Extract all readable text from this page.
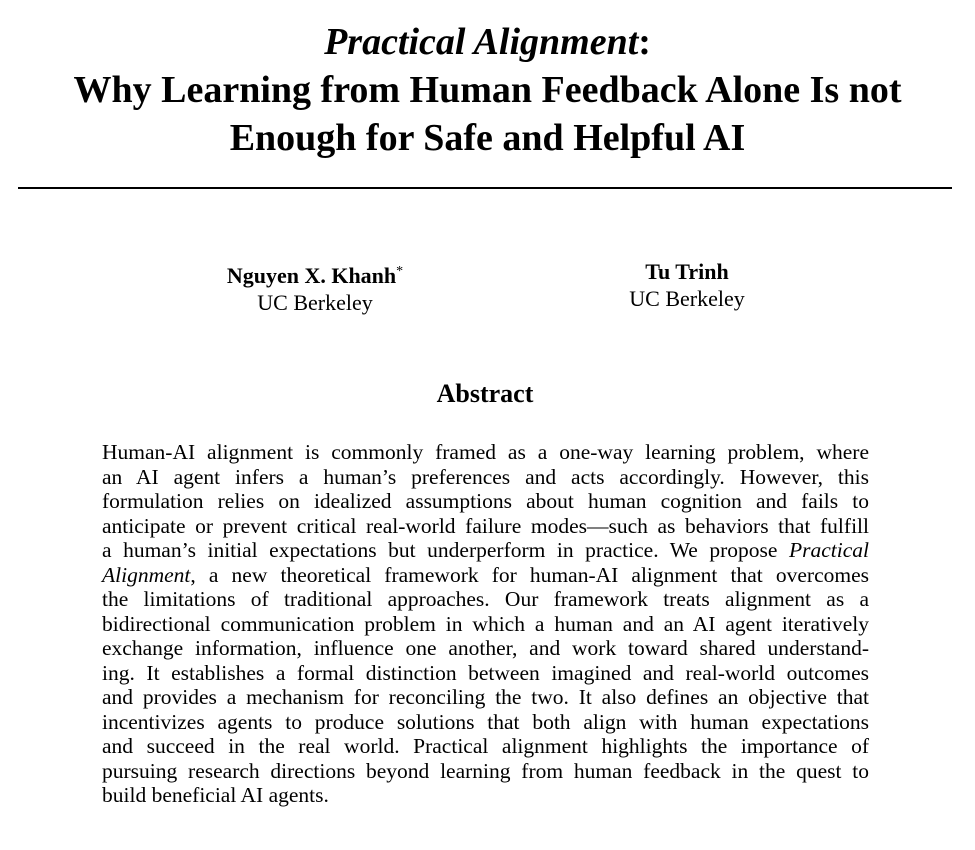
Practical Alignment:
Why Learning from Human Feedback Alone Is not
Enough for Safe and Helpful AI
Nguyen X. Khanh*
UC Berkeley
Tu Trinh
UC Berkeley
Abstract
Human-AI alignment is commonly framed as a one-way learning problem, where
an AI agent infers a human’s preferences and acts accordingly. However, this
formulation relies on idealized assumptions about human cognition and fails to
anticipate or prevent critical real-world failure modes—such as behaviors that fulfill
a human’s initial expectations but underperform in practice. We propose Practical
Alignment, a new theoretical framework for human-AI alignment that overcomes
the limitations of traditional approaches. Our framework treats alignment as a
bidirectional communication problem in which a human and an AI agent iteratively
exchange information, influence one another, and work toward shared understand-
ing. It establishes a formal distinction between imagined and real-world outcomes
and provides a mechanism for reconciling the two. It also defines an objective that
incentivizes agents to produce solutions that both align with human expectations
and succeed in the real world. Practical alignment highlights the importance of
pursuing research directions beyond learning from human feedback in the quest to
build beneficial AI agents.
